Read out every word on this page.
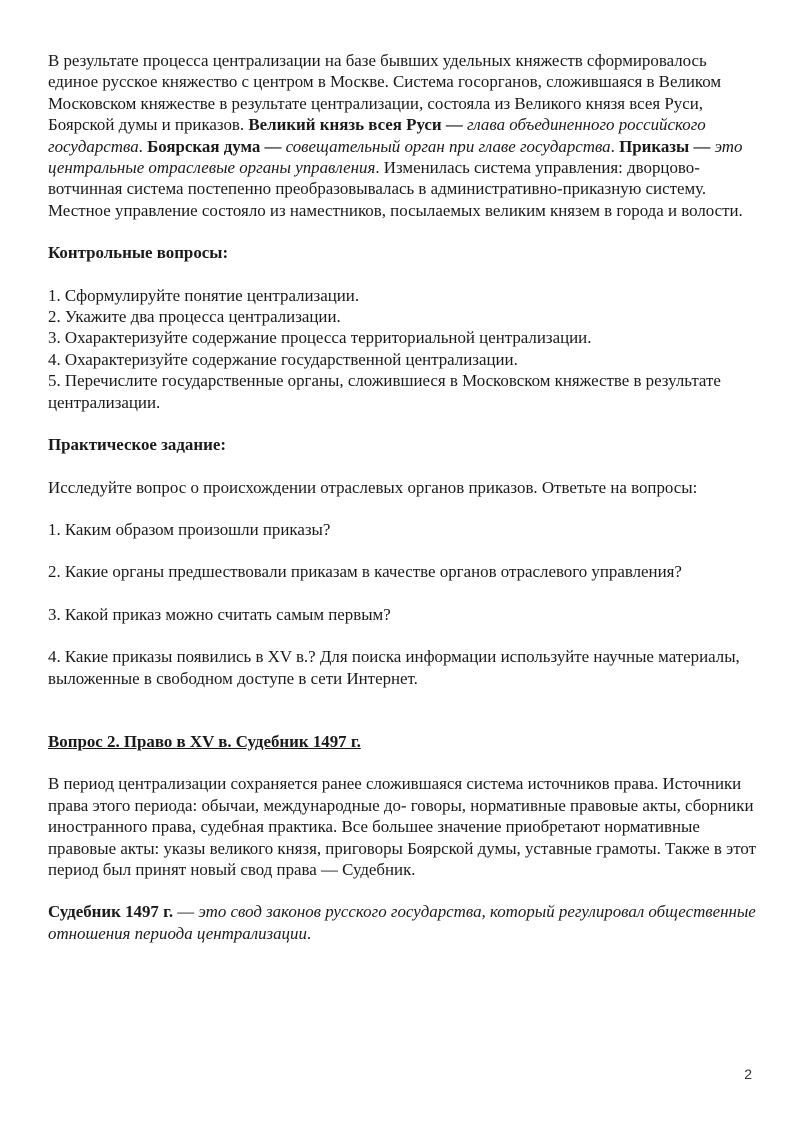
В результате процесса централизации на базе бывших удельных княжеств сформировалось единое русское княжество с центром в Москве. Система госорганов, сложившаяся в Великом Московском княжестве в результате централизации, состояла из Великого князя всея Руси, Боярской думы и приказов. Великий князь всея Руси — глава объединенного российского государства. Боярская дума — совещательный орган при главе государства. Приказы — это центральные отраслевые органы управления. Изменилась система управления: дворцово-вотчинная система постепенно преобразовывалась в административно-приказную систему. Местное управление состояло из наместников, посылаемых великим князем в города и волости.

Контрольные вопросы:

1. Сформулируйте понятие централизации.

2. Укажите два процесса централизации.

3. Охарактеризуйте содержание процесса территориальной централизации.

4. Охарактеризуйте содержание государственной централизации.

5. Перечислите государственные органы, сложившиеся в Московском княжестве в результате централизации.

Практическое задание:

Исследуйте вопрос о происхождении отраслевых органов приказов. Ответьте на вопросы:

1. Каким образом произошли приказы?

2. Какие органы предшествовали приказам в качестве органов отраслевого управления?

3. Какой приказ можно считать самым первым?

4. Какие приказы появились в XV в.? Для поиска информации используйте научные материалы, выложенные в свободном доступе в сети Интернет.

Вопрос 2. Право в XV в. Судебник 1497 г.

В период централизации сохраняется ранее сложившаяся система источников права. Источники права этого периода: обычаи, международные до- говоры, нормативные правовые акты, сборники иностранного права, судебная практика. Все большее значение приобретают нормативные правовые акты: указы великого князя, приговоры Боярской думы, уставные грамоты. Также в этот период был принят новый свод права — Судебник.

Судебник 1497 г. — это свод законов русского государства, который регулировал общественные отношения периода централизации.

2
